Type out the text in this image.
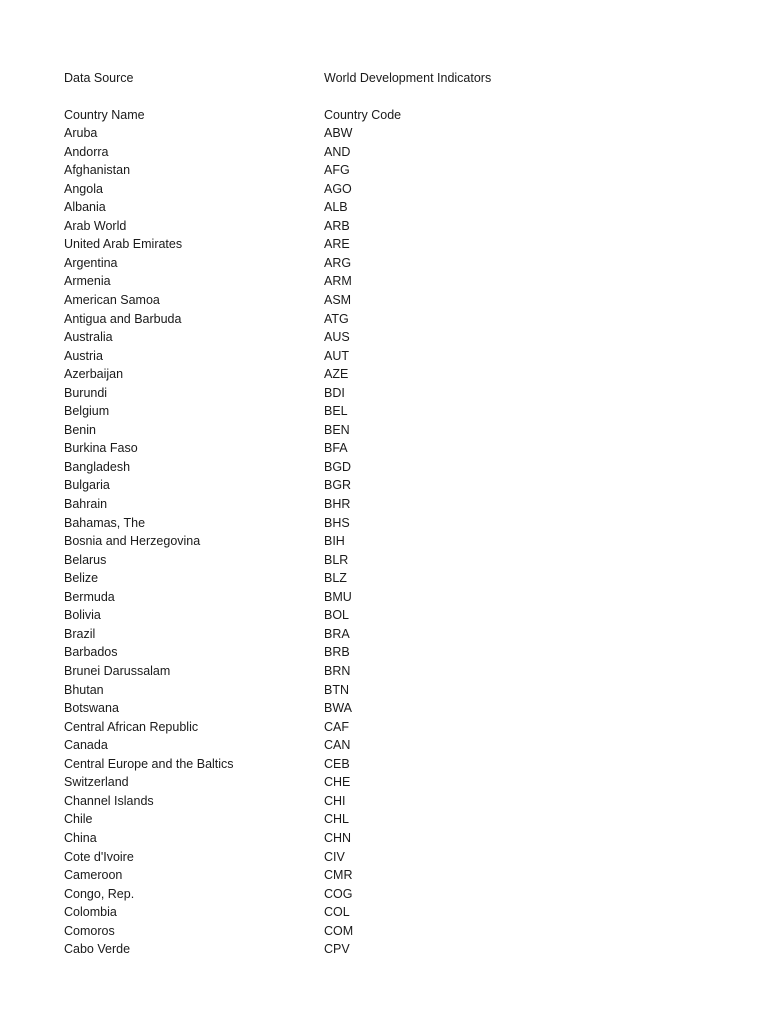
Data Source	World Development Indicators
Country Name	Country Code
Aruba	ABW
Andorra	AND
Afghanistan	AFG
Angola	AGO
Albania	ALB
Arab World	ARB
United Arab Emirates	ARE
Argentina	ARG
Armenia	ARM
American Samoa	ASM
Antigua and Barbuda	ATG
Australia	AUS
Austria	AUT
Azerbaijan	AZE
Burundi	BDI
Belgium	BEL
Benin	BEN
Burkina Faso	BFA
Bangladesh	BGD
Bulgaria	BGR
Bahrain	BHR
Bahamas, The	BHS
Bosnia and Herzegovina	BIH
Belarus	BLR
Belize	BLZ
Bermuda	BMU
Bolivia	BOL
Brazil	BRA
Barbados	BRB
Brunei Darussalam	BRN
Bhutan	BTN
Botswana	BWA
Central African Republic	CAF
Canada	CAN
Central Europe and the Baltics	CEB
Switzerland	CHE
Channel Islands	CHI
Chile	CHL
China	CHN
Cote d'Ivoire	CIV
Cameroon	CMR
Congo, Rep.	COG
Colombia	COL
Comoros	COM
Cabo Verde	CPV
